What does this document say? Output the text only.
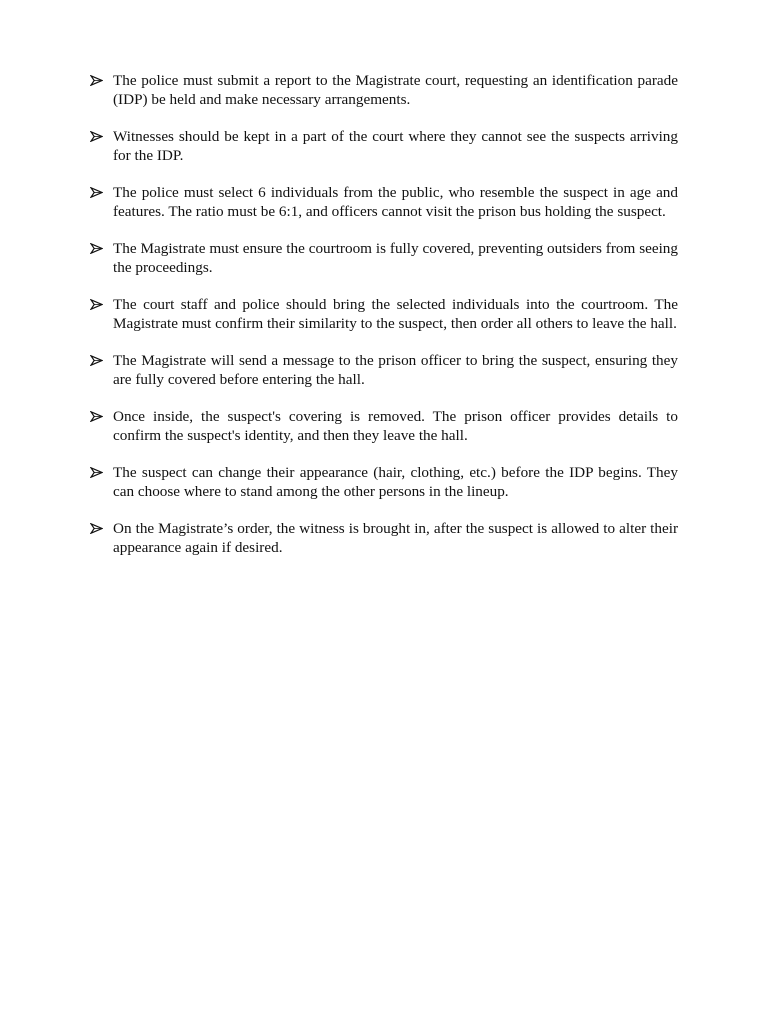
The police must submit a report to the Magistrate court, requesting an identification parade (IDP) be held and make necessary arrangements.
Witnesses should be kept in a part of the court where they cannot see the suspects arriving for the IDP.
The police must select 6 individuals from the public, who resemble the suspect in age and features. The ratio must be 6:1, and officers cannot visit the prison bus holding the suspect.
The Magistrate must ensure the courtroom is fully covered, preventing outsiders from seeing the proceedings.
The court staff and police should bring the selected individuals into the courtroom. The Magistrate must confirm their similarity to the suspect, then order all others to leave the hall.
The Magistrate will send a message to the prison officer to bring the suspect, ensuring they are fully covered before entering the hall.
Once inside, the suspect's covering is removed. The prison officer provides details to confirm the suspect's identity, and then they leave the hall.
The suspect can change their appearance (hair, clothing, etc.) before the IDP begins. They can choose where to stand among the other persons in the lineup.
On the Magistrate’s order, the witness is brought in, after the suspect is allowed to alter their appearance again if desired.
